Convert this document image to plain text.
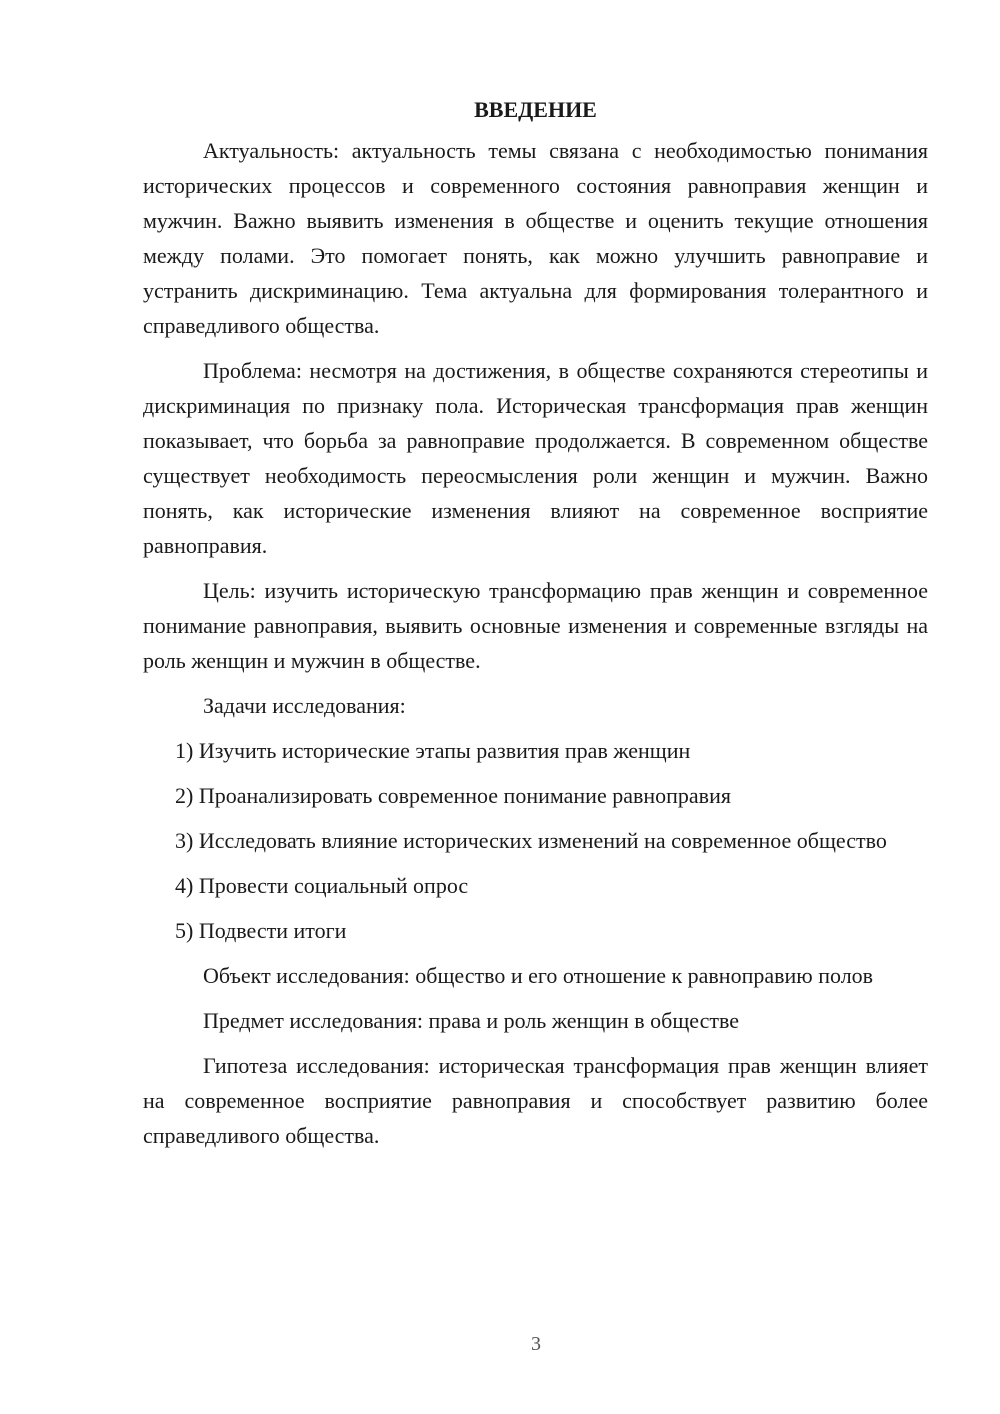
ВВЕДЕНИЕ

Актуальность: актуальность темы связана с необходимостью понимания исторических процессов и современного состояния равноправия женщин и мужчин. Важно выявить изменения в обществе и оценить текущие отношения между полами. Это помогает понять, как можно улучшить равноправие и устранить дискриминацию. Тема актуальна для формирования толерантного и справедливого общества.

Проблема: несмотря на достижения, в обществе сохраняются стереотипы и дискриминация по признаку пола. Историческая трансформация прав женщин показывает, что борьба за равноправие продолжается. В современном обществе существует необходимость переосмысления роли женщин и мужчин. Важно понять, как исторические изменения влияют на современное восприятие равноправия.

Цель: изучить историческую трансформацию прав женщин и современное понимание равноправия, выявить основные изменения и современные взгляды на роль женщин и мужчин в обществе.

Задачи исследования:

1) Изучить исторические этапы развития прав женщин

2) Проанализировать современное понимание равноправия

3) Исследовать влияние исторических изменений на современное общество

4) Провести социальный опрос

5) Подвести итоги

Объект исследования: общество и его отношение к равноправию полов

Предмет исследования: права и роль женщин в обществе

Гипотеза исследования: историческая трансформация прав женщин влияет на современное восприятие равноправия и способствует развитию более справедливого общества.

3
